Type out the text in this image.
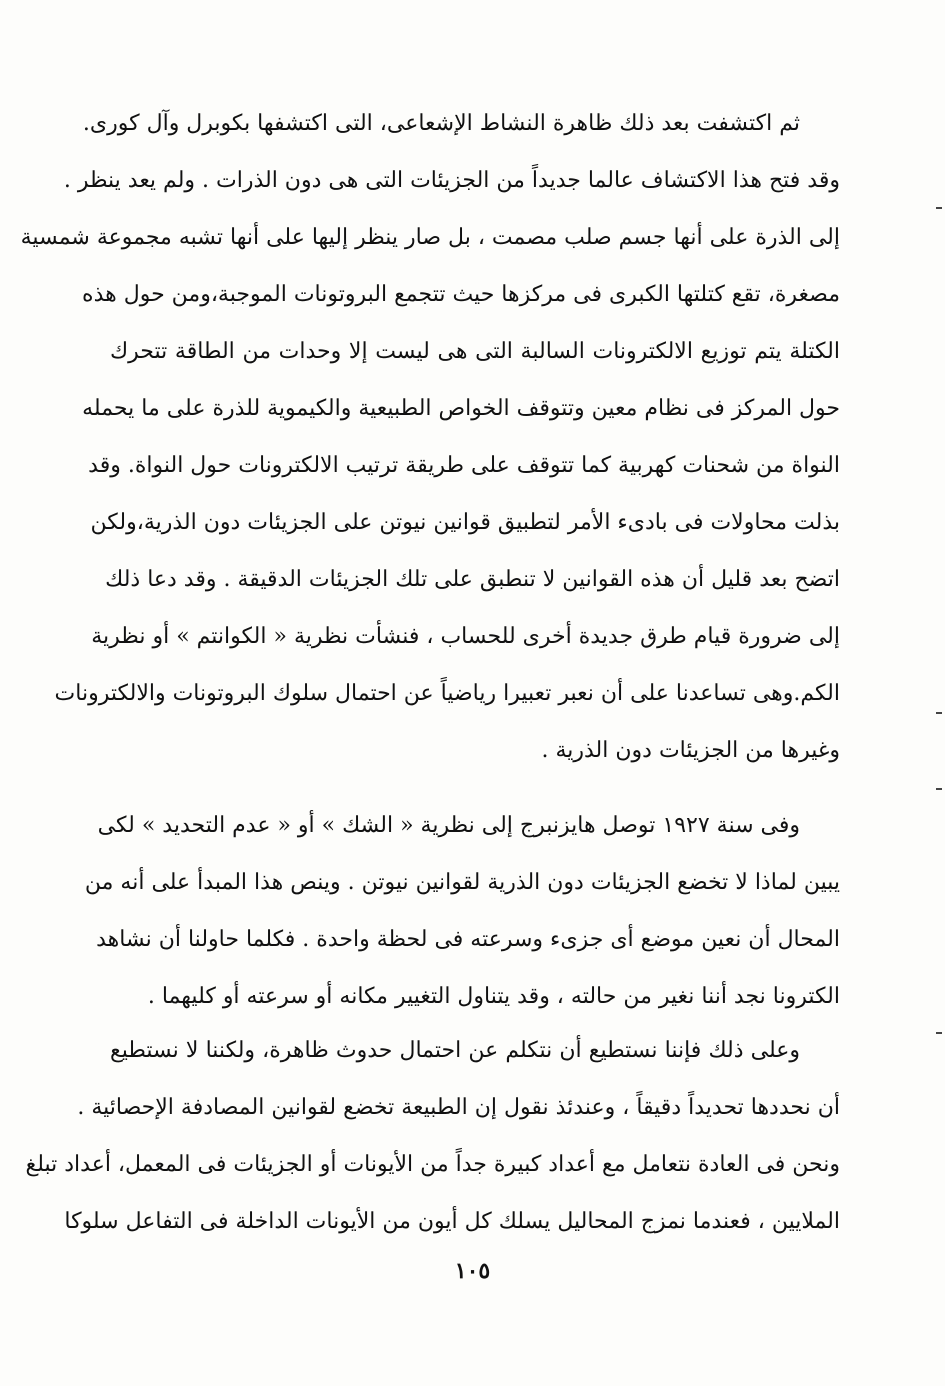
ثم اكتشفت بعد ذلك ظاهرة النشاط الإشعاعى، التى اكتشفها بكوبرل وآل كورى.
وقد فتح هذا الاكتشاف عالما جديداً من الجزيئات التى هى دون الذرات . ولم يعد ينظر .
إلى الذرة على أنها جسم صلب مصمت ، بل صار ينظر إليها على أنها تشبه مجموعة شمسية
مصغرة، تقع كتلتها الكبرى فى مركزها حيث تتجمع البروتونات الموجبة،ومن حول هذه
الكتلة يتم توزيع الالكترونات السالبة التى هى ليست إلا وحدات من الطاقة تتحرك
حول المركز فى نظام معين وتتوقف الخواص الطبيعية والكيموية للذرة على ما يحمله
النواة من شحنات كهربية كما تتوقف على طريقة ترتيب الالكترونات حول النواة. وقد
بذلت محاولات فى بادىء الأمر لتطبيق قوانين نيوتن على الجزيئات دون الذرية،ولكن
اتضح بعد قليل أن هذه القوانين لا تنطبق على تلك الجزيئات الدقيقة . وقد دعا ذلك
إلى ضرورة قيام طرق جديدة أخرى للحساب ، فنشأت نظرية « الكوانتم » أو نظرية
الكم.وهى تساعدنا على أن نعبر تعبيرا رياضياً عن احتمال سلوك البروتونات والالكترونات
وغيرها من الجزيئات دون الذرية .
وفى سنة ١٩٢٧ توصل هايزنبرج إلى نظرية « الشك » أو « عدم التحديد » لكى
يبين لماذا لا تخضع الجزيئات دون الذرية لقوانين نيوتن . وينص هذا المبدأ على أنه من
المحال أن نعين موضع أى جزىء وسرعته فى لحظة واحدة . فكلما حاولنا أن نشاهد
الكترونا نجد أننا نغير من حالته ، وقد يتناول التغيير مكانه أو سرعته أو كليهما .
وعلى ذلك فإننا نستطيع أن نتكلم عن احتمال حدوث ظاهرة، ولكننا لا نستطيع
أن نحددها تحديداً دقيقاً ، وعندئذ نقول إن الطبيعة تخضع لقوانين المصادفة الإحصائية .
ونحن فى العادة نتعامل مع أعداد كبيرة جداً من الأيونات أو الجزيئات فى المعمل، أعداد تبلغ
الملايين ، فعندما نمزج المحاليل يسلك كل أيون من الأيونات الداخلة فى التفاعل سلوكا
١٠٥
